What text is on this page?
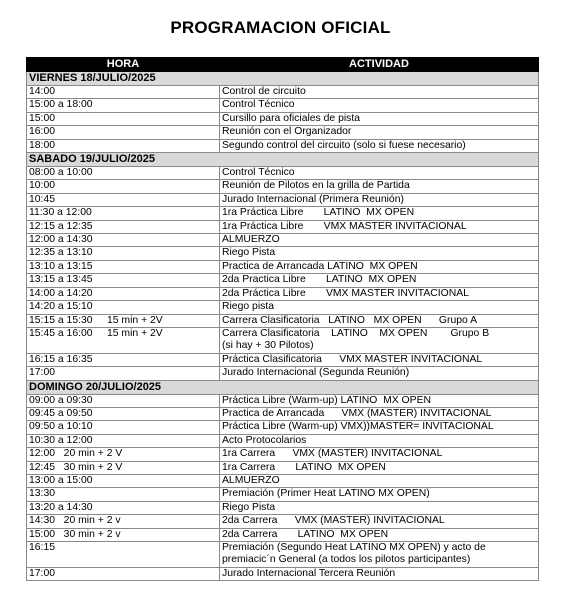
PROGRAMACION OFICIAL
HORA	ACTIVIDAD
VIERNES 18/JULIO/2025	
14:00	Control de circuito

15:00 a 18:00	Control Técnico

15:00	Cursillo para oficiales de pista

16:00	Reunión con el Organizador

18:00	Segundo control del circuito (solo si fuese necesario)

SABADO 19/JULIO/2025	
08:00 a 10:00	Control Técnico

10:00	Reunión de Pilotos en la grilla de Partida

10:45	Jurado Internacional (Primera Reunión)

11:30 a 12:00	1ra Práctica Libre       LATINO  MX OPEN

12:15 a 12:35	1ra Práctica Libre       VMX MASTER INVITACIONAL

12:00 a 14:30	ALMUERZO

12:35 a 13:10	Riego Pista

13:10 a 13:15	Practica de Arrancada LATINO  MX OPEN

13:15 a 13:45	2da Practica Libre       LATINO  MX OPEN

14:00 a 14:20	2da Práctica Libre       VMX MASTER INVITACIONAL

14:20 a 15:10	Riego pista

15:15 a 15:30     15 min + 2V	Carrera Clasificatoria   LATINO   MX OPEN      Grupo A

15:45 a 16:00     15 min + 2V	Carrera Clasificatoria    LATINO    MX OPEN        Grupo B
(si hay + 30 Pilotos)

16:15 a 16:35	Práctica Clasificatoria      VMX MASTER INVITACIONAL

17:00	Jurado Internacional (Segunda Reunión)

DOMINGO 20/JULIO/2025	
09:00 a 09:30	Práctica Libre (Warm-up) LATINO  MX OPEN

09:45 a 09:50	Practica de Arrancada      VMX (MASTER) INVITACIONAL

09:50 a 10:10	Práctica Libre (Warm-up) VMX))MASTER= INVITACIONAL

10:30 a 12:00	Acto Protocolarios

12:00   20 min + 2 V	1ra Carrera      VMX (MASTER) INVITACIONAL

12:45   30 min + 2 V	1ra Carrera       LATINO  MX OPEN

13:00 a 15:00	ALMUERZO

13:30	Premiación (Primer Heat LATINO MX OPEN)

13:20 a 14:30	Riego Pista

14:30   20 min + 2 v	2da Carrera      VMX (MASTER) INVITACIONAL

15:00   30 min + 2 v	2da Carrera       LATINO  MX OPEN

16:15	Premiación (Segundo Heat LATINO MX OPEN) y acto de
premiacic´n General (a todos los pilotos participantes)

17:00	Jurado Internacional Tercera Reunión
